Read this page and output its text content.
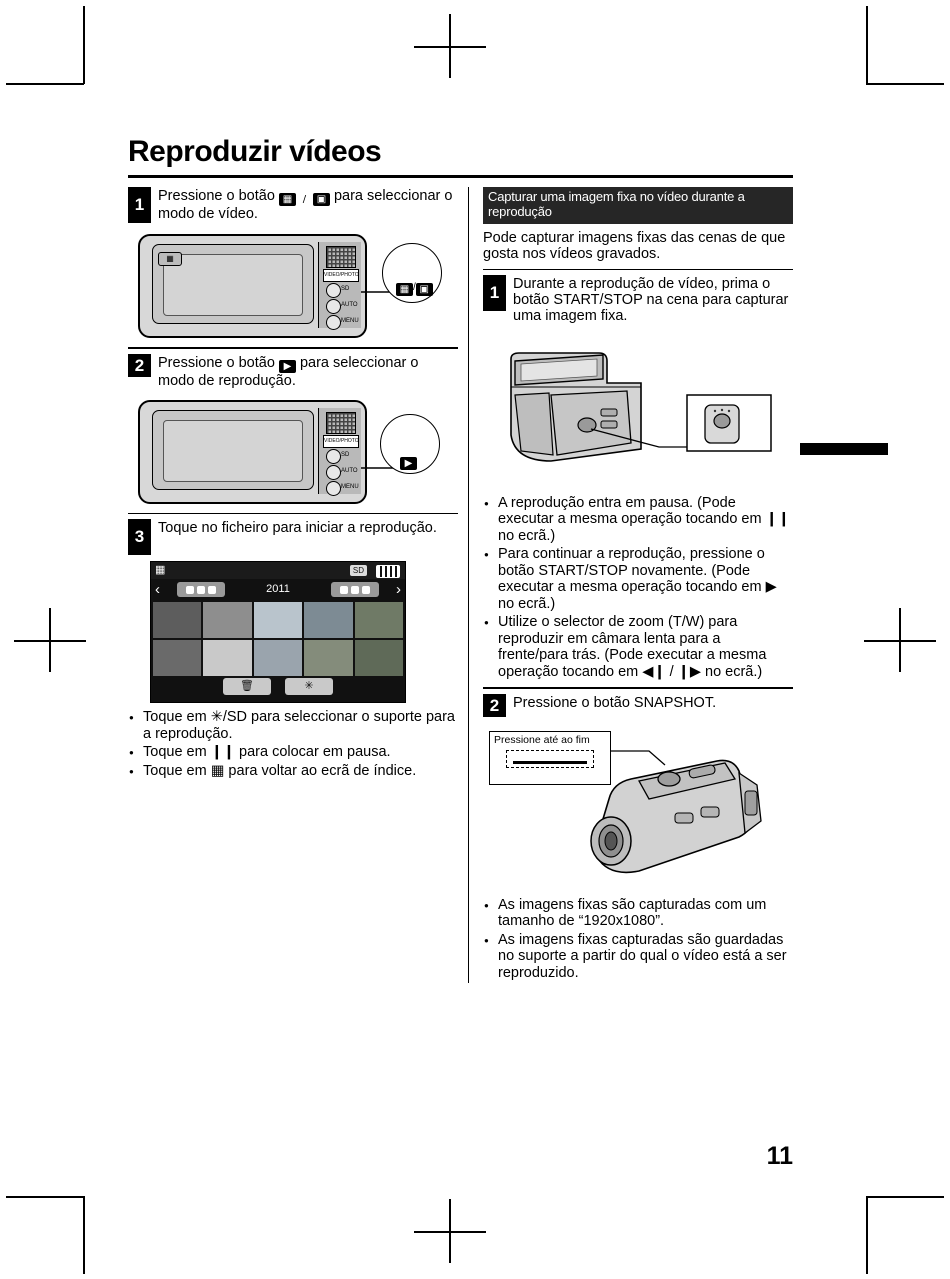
Reproduzir vídeos
1 Pressione o botão ▦ / ▣ para seleccionar o modo de vídeo.
▦
VIDEO/PHOTO
SD
AUTO
MENU
▦ / ▣
2 Pressione o botão ▶ para seleccionar o modo de reprodução.
VIDEO/PHOTO
SD
AUTO
MENU
▶
3 Toque no ficheiro para iniciar a reprodução.
▦	SD
‹	2011	›
🗑	✳
● Toque em ✳/SD para seleccionar o suporte para a reprodução.
● Toque em ❙❙ para colocar em pausa.
● Toque em ▦ para voltar ao ecrã de índice.
Capturar uma imagem fixa no vídeo durante a reprodução
Pode capturar imagens fixas das cenas de que gosta nos vídeos gravados.
1 Durante a reprodução de vídeo, prima o botão START/STOP na cena para capturar uma imagem fixa.
● A reprodução entra em pausa. (Pode executar a mesma operação tocando em ❙❙ no ecrã.)
● Para continuar a reprodução, pressione o botão START/STOP novamente. (Pode executar a mesma operação tocando em ▶ no ecrã.)
● Utilize o selector de zoom (T/W) para reproduzir em câmara lenta para a frente/para trás. (Pode executar a mesma operação tocando em ◀❙ / ❙▶ no ecrã.)
2 Pressione o botão SNAPSHOT.
Pressione até ao fim
● As imagens fixas são capturadas com um tamanho de “1920x1080”.
● As imagens fixas capturadas são guardadas no suporte a partir do qual o vídeo está a ser reproduzido.
11
